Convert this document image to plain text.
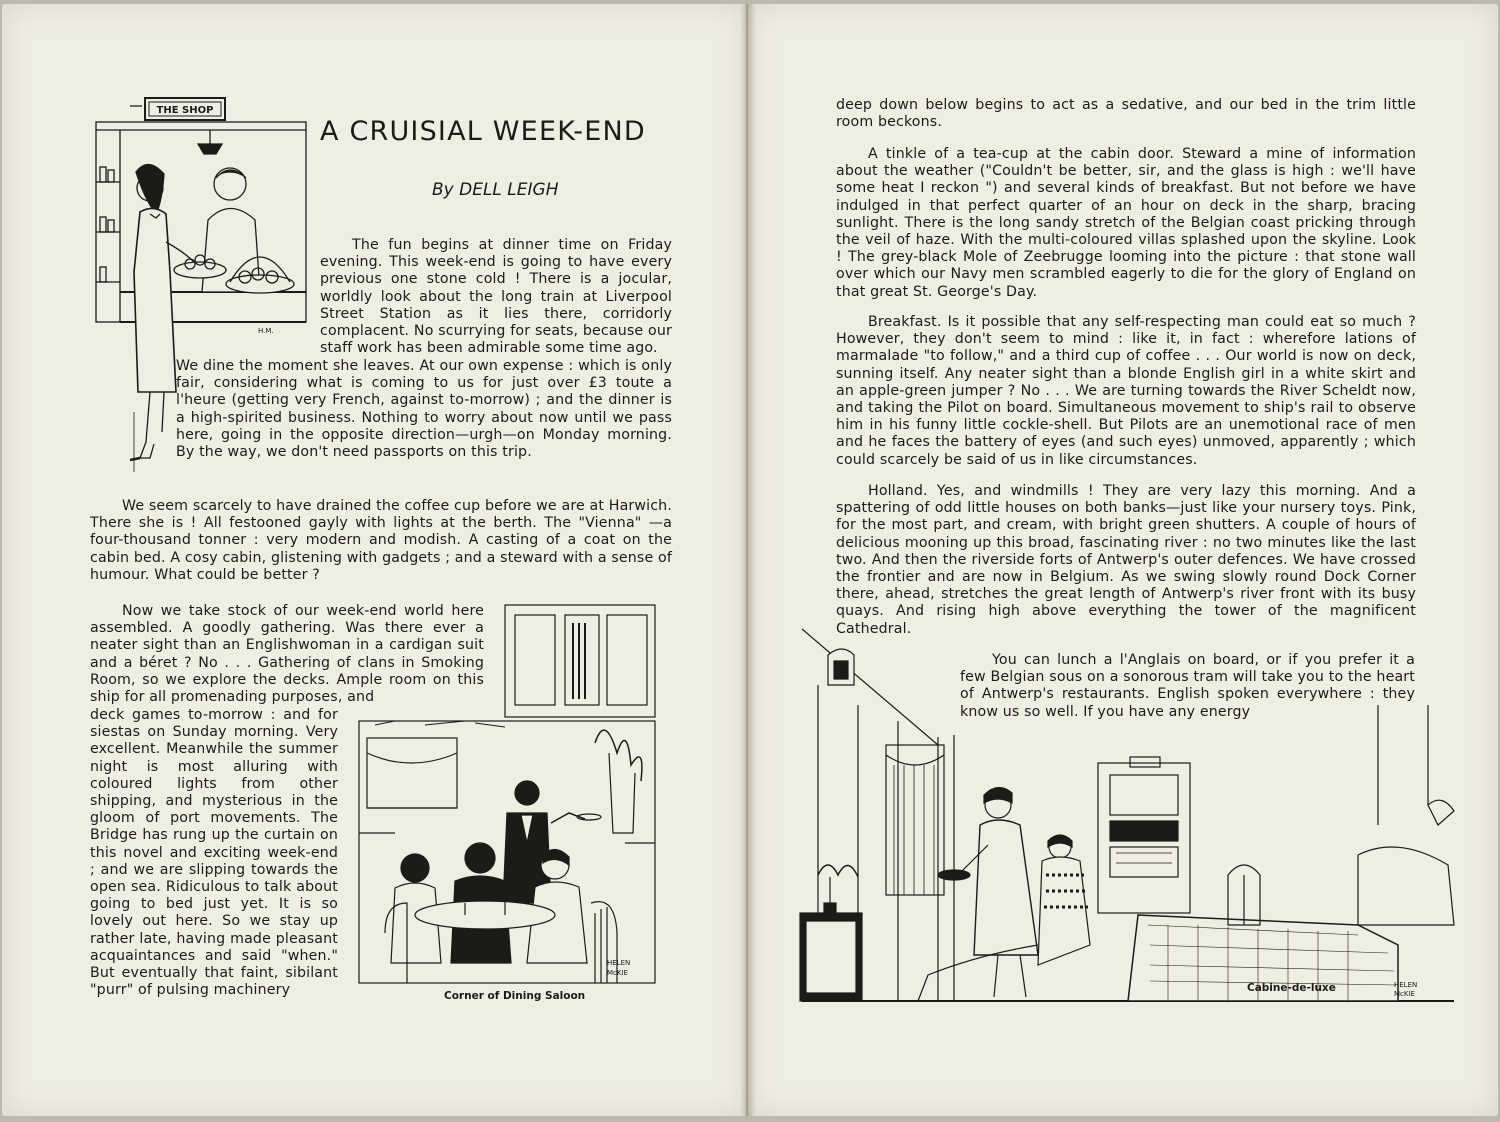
THE SHOP
H.M.
A CRUISIAL WEEK-END

By DELL LEIGH

The fun begins at dinner time on Friday evening. This week-end is going to have every previous one stone cold ! There is a jocular, worldly look about the long train at Liverpool Street Station as it lies there, corridorly complacent. No scurrying for seats, because our staff work has been admirable some time ago.

We dine the moment she leaves. At our own expense : which is only fair, considering what is coming to us for just over £3 toute a l'heure (getting very French, against to-morrow) ; and the dinner is a high-spirited business. Nothing to worry about now until we pass here, going in the opposite direction—urgh—on Monday morning. By the way, we don't need passports on this trip.

We seem scarcely to have drained the coffee cup before we are at Harwich. There she is ! All festooned gayly with lights at the berth. The "Vienna" —a four-thousand tonner : very modern and modish. A casting of a coat on the cabin bed. A cosy cabin, glistening with gadgets ; and a steward with a sense of humour. What could be better ?

Now we take stock of our week-end world here assembled. A goodly gathering. Was there ever a neater sight than an Englishwoman in a cardigan suit and a béret ? No . . . Gathering of clans in Smoking Room, so we explore the decks. Ample room on this ship for all promenading purposes, and

deck games to-morrow : and for siestas on Sunday morning. Very excellent. Meanwhile the summer night is most alluring with coloured lights from other shipping, and mysterious in the gloom of port movements. The Bridge has rung up the curtain on this novel and exciting week-end ; and we are slipping towards the open sea. Ridiculous to talk about going to bed just yet. It is so lovely out here. So we stay up rather late, having made pleasant acquaintances and said "when." But eventually that faint, sibilant "purr" of pulsing machinery

HELEN
McKIE
Corner of Dining Saloon

deep down below begins to act as a sedative, and our bed in the trim little room beckons.

A tinkle of a tea-cup at the cabin door. Steward a mine of information about the weather ("Couldn't be better, sir, and the glass is high : we'll have some heat I reckon ") and several kinds of breakfast. But not before we have indulged in that perfect quarter of an hour on deck in the sharp, bracing sunlight. There is the long sandy stretch of the Belgian coast pricking through the veil of haze. With the multi-coloured villas splashed upon the skyline. Look ! The grey-black Mole of Zeebrugge looming into the picture : that stone wall over which our Navy men scrambled eagerly to die for the glory of England on that great St. George's Day.

Breakfast. Is it possible that any self-respecting man could eat so much ? However, they don't seem to mind : like it, in fact : wherefore lations of marmalade "to follow," and a third cup of coffee . . . Our world is now on deck, sunning itself. Any neater sight than a blonde English girl in a white skirt and an apple-green jumper ? No . . . We are turning towards the River Scheldt now, and taking the Pilot on board. Simultaneous movement to ship's rail to observe him in his funny little cockle-shell. But Pilots are an unemotional race of men and he faces the battery of eyes (and such eyes) unmoved, apparently ; which could scarcely be said of us in like circumstances.

Holland. Yes, and windmills ! They are very lazy this morning. And a spattering of odd little houses on both banks—just like your nursery toys. Pink, for the most part, and cream, with bright green shutters. A couple of hours of delicious mooning up this broad, fascinating river : no two minutes like the last two. And then the riverside forts of Antwerp's outer defences. We have crossed the frontier and are now in Belgium. As we swing slowly round Dock Corner there, ahead, stretches the great length of Antwerp's river front with its busy quays. And rising high above everything the tower of the magnificent Cathedral.

You can lunch a l'Anglais on board, or if you prefer it a few Belgian sous on a sonorous tram will take you to the heart of Antwerp's restaurants. English spoken everywhere : they know us so well. If you have any energy

HELEN
McKIE
Cabine-de-luxe
